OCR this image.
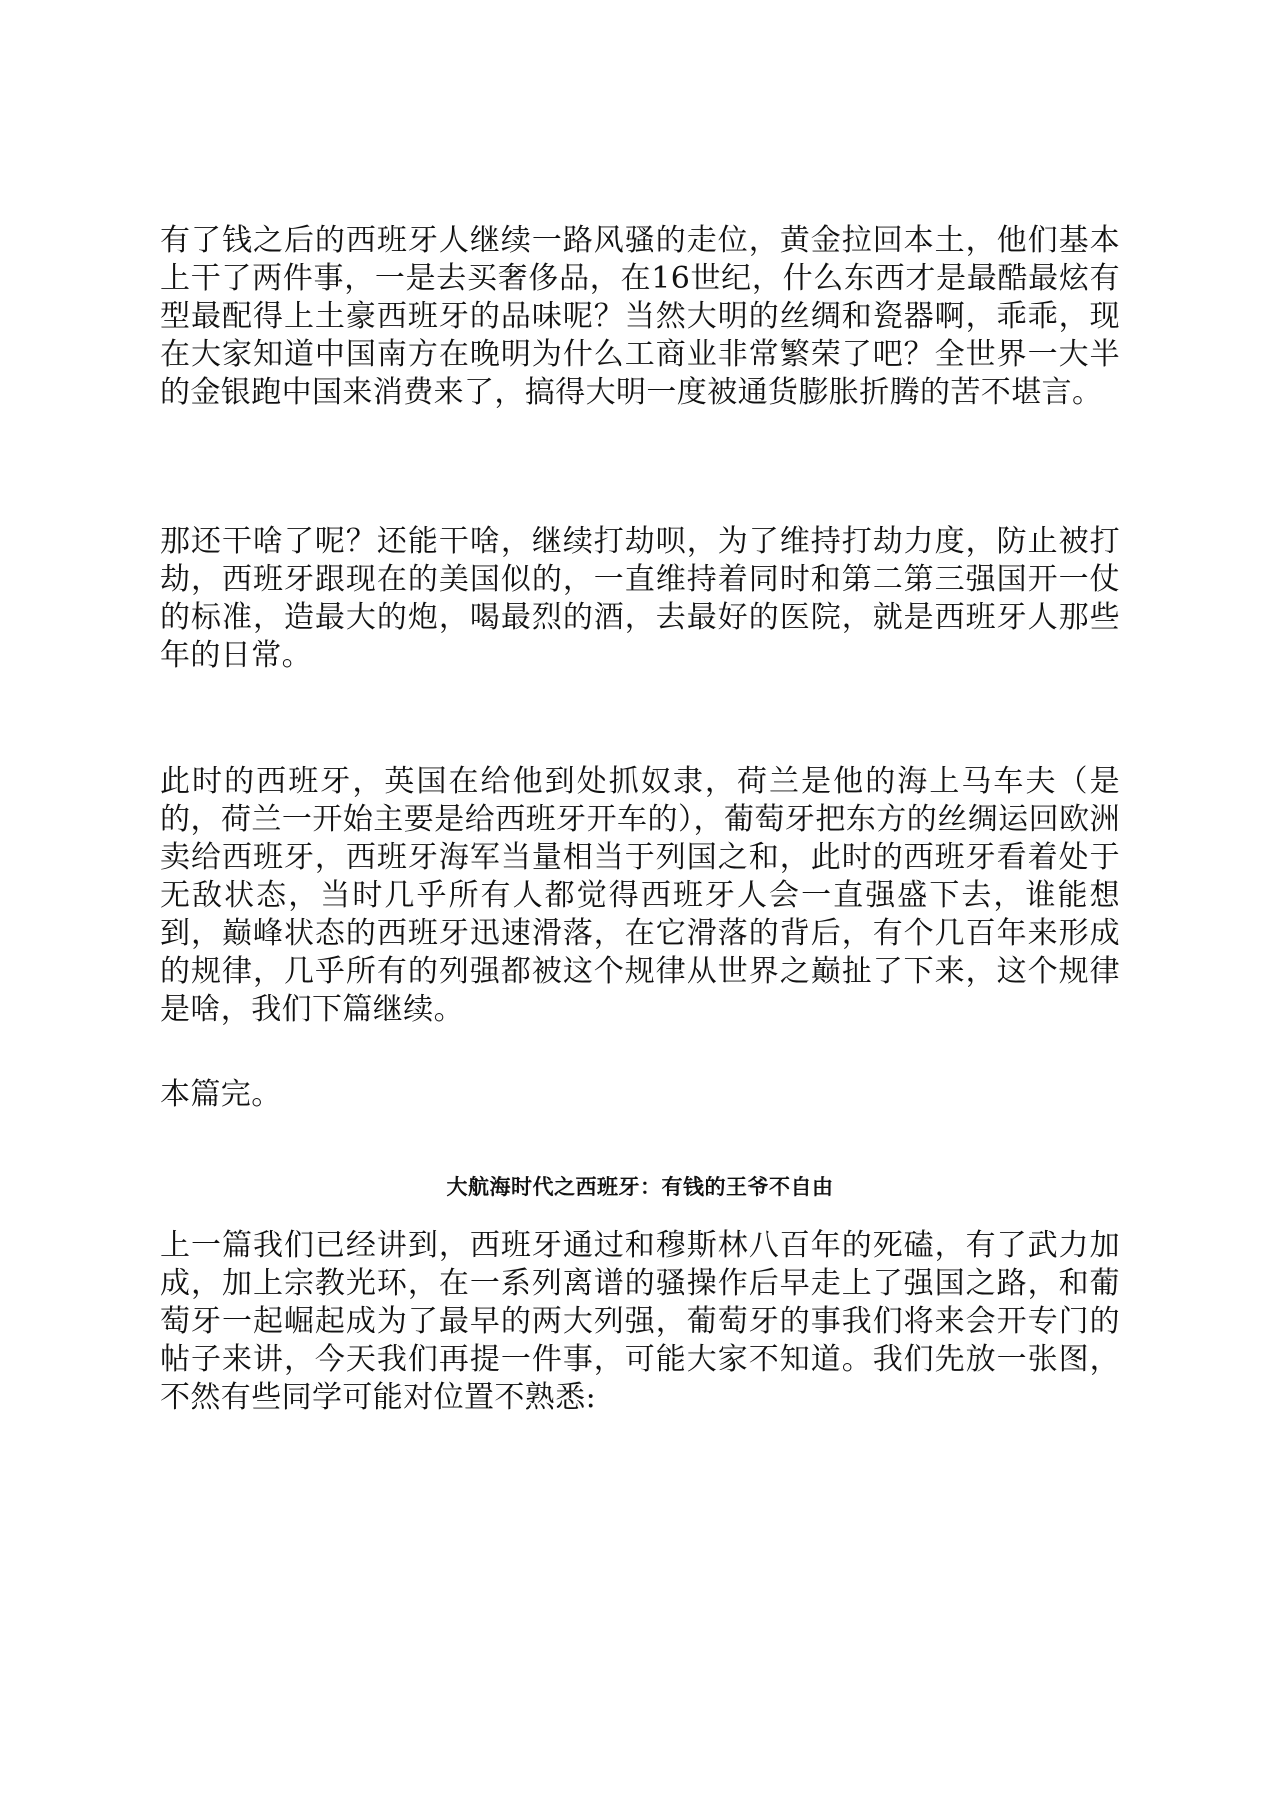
有了钱之后的西班牙人继续一路风骚的走位，黄金拉回本土，他们基本上干了两件事，一是去买奢侈品，在16世纪，什么东西才是最酷最炫有型最配得上土豪西班牙的品味呢？当然大明的丝绸和瓷器啊，乖乖，现在大家知道中国南方在晚明为什么工商业非常繁荣了吧？全世界一大半的金银跑中国来消费来了，搞得大明一度被通货膨胀折腾的苦不堪言。

那还干啥了呢？还能干啥，继续打劫呗，为了维持打劫力度，防止被打劫，西班牙跟现在的美国似的，一直维持着同时和第二第三强国开一仗的标准，造最大的炮，喝最烈的酒，去最好的医院，就是西班牙人那些年的日常。

此时的西班牙，英国在给他到处抓奴隶，荷兰是他的海上马车夫（是的，荷兰一开始主要是给西班牙开车的），葡萄牙把东方的丝绸运回欧洲卖给西班牙，西班牙海军当量相当于列国之和，此时的西班牙看着处于无敌状态，当时几乎所有人都觉得西班牙人会一直强盛下去，谁能想到，巅峰状态的西班牙迅速滑落，在它滑落的背后，有个几百年来形成的规律，几乎所有的列强都被这个规律从世界之巅扯了下来，这个规律是啥，我们下篇继续。

本篇完。

大航海时代之西班牙：有钱的王爷不自由

上一篇我们已经讲到，西班牙通过和穆斯林八百年的死磕，有了武力加成，加上宗教光环，在一系列离谱的骚操作后早走上了强国之路，和葡萄牙一起崛起成为了最早的两大列强，葡萄牙的事我们将来会开专门的帖子来讲，今天我们再提一件事，可能大家不知道。我们先放一张图，不然有些同学可能对位置不熟悉:
